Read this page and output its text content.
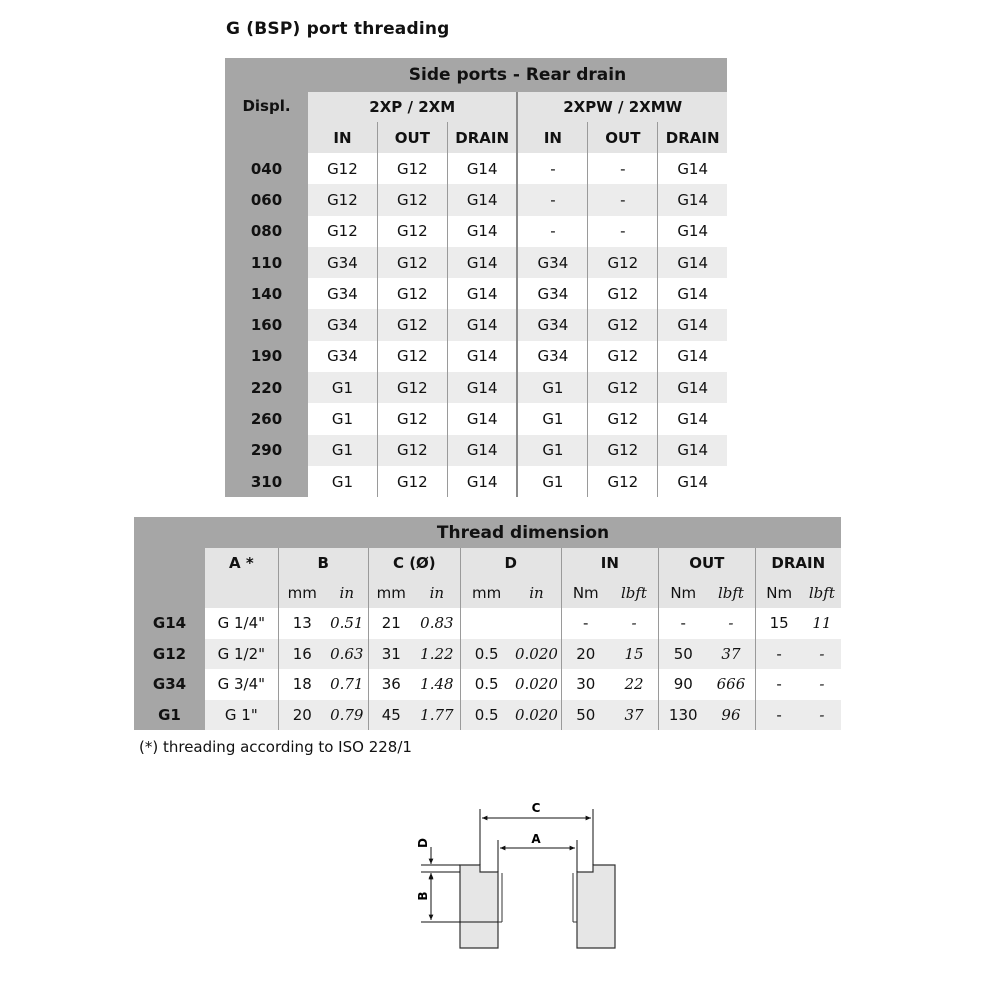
G (BSP) port threading
Displ.	Side ports - Rear drain					
	2XP / 2XM			2XPW / 2XMW		
	IN	OUT	DRAIN	IN	OUT	DRAIN
040	G12	G12	G14	-	-	G14
060	G12	G12	G14	-	-	G14
080	G12	G12	G14	-	-	G14
110	G34	G12	G14	G34	G12	G14
140	G34	G12	G14	G34	G12	G14
160	G34	G12	G14	G34	G12	G14
190	G34	G12	G14	G34	G12	G14
220	G1	G12	G14	G1	G12	G14
260	G1	G12	G14	G1	G12	G14
290	G1	G12	G14	G1	G12	G14
310	G1	G12	G14	G1	G12	G14
	Thread dimension												
	A *	B		C (Ø)		D		IN		OUT		DRAIN	
		mm	in	mm	in	mm	in	Nm	lbft	Nm	lbft	Nm	lbft
G14	G 1/4"	13	0.51	21	0.83			-	-	-	-	15	11
G12	G 1/2"	16	0.63	31	1.22	0.5	0.020	20	15	50	37	-	-
G34	G 3/4"	18	0.71	36	1.48	0.5	0.020	30	22	90	666	-	-
G1	G 1"	20	0.79	45	1.77	0.5	0.020	50	37	130	96	-	-
(*) threading according to ISO 228/1
C
A
D
B
